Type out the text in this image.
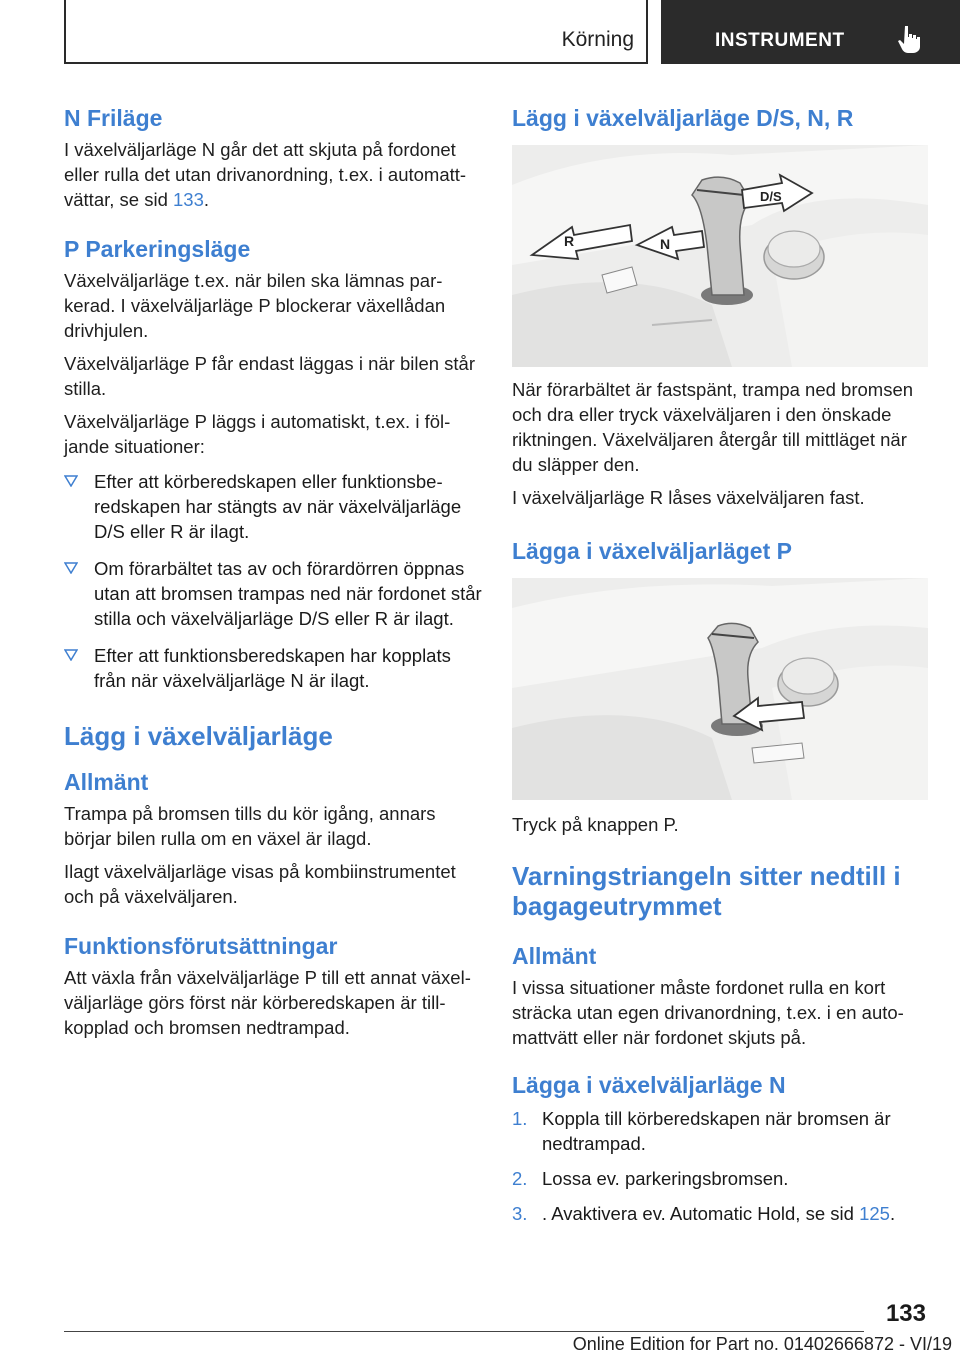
Körning	INSTRUMENT
N Friläge

I växelväljarläge N går det att skjuta på fordonet eller rulla det utan drivanordning, t.ex. i automattvättar, se sid 133.

P Parkeringsläge

Växelväljarläge t.ex. när bilen ska lämnas parkerad. I växelväljarläge P blockerar växellådan drivhjulen.

Växelväljarläge P får endast läggas i när bilen står stilla.

Växelväljarläge P läggs i automatiskt, t.ex. i följande situationer:

Efter att körberedskapen eller funktionsberedskapen har stängts av när växelväljarläge D/S eller R är ilagt.
Om förarbältet tas av och förardörren öppnas utan att bromsen trampas ned när fordonet står stilla och växelväljarläge D/S eller R är ilagt.
Efter att funktionsberedskapen har kopplats från när växelväljarläge N är ilagt.
Lägg i växelväljarläge
Allmänt

Trampa på bromsen tills du kör igång, annars börjar bilen rulla om en växel är ilagd.

Ilagt växelväljarläge visas på kombiinstrumentet och på växelväljaren.

Funktionsförutsättningar

Att växla från växelväljarläge P till ett annat växelväljarläge görs först när körberedskapen är tillkopplad och bromsen nedtrampad.

Lägg i växelväljarläge D/S, N, R
R	N
D/S

När förarbältet är fastspänt, trampa ned bromsen och dra eller tryck växelväljaren i den önskade riktningen. Växelväljaren återgår till mittläget när du släpper den.

I växelväljarläge R låses växelväljaren fast.

Lägga i växelväljarläget P

Tryck på knappen P.

Varningstriangeln sitter nedtill i bagageutrymmet
Allmänt

I vissa situationer måste fordonet rulla en kort sträcka utan egen drivanordning, t.ex. i en automattvätt eller när fordonet skjuts på.

Lägga i växelväljarläge N
1. Koppla till körberedskapen när bromsen är nedtrampad.
2. Lossa ev. parkeringsbromsen.
3. . Avaktivera ev. Automatic Hold, se sid 125.
133
Online Edition for Part no. 01402666872 - VI/19
